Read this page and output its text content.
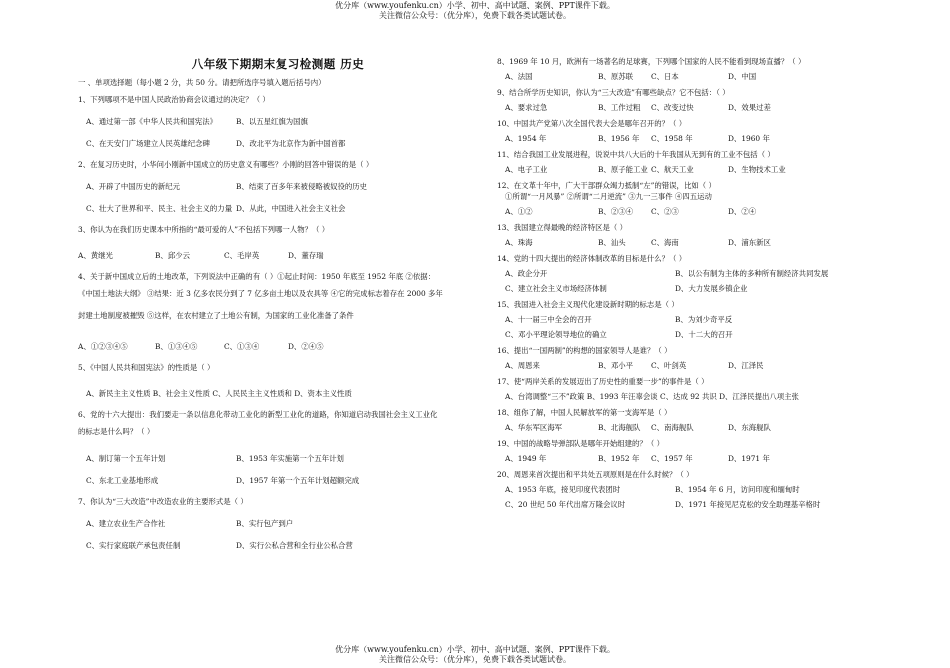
优分库（www.youfenku.cn）小学、初中、高中试题、案例、PPT课件下载。
关注微信公众号：（优分库），免费下载各类试题试卷。
八年级下期期末复习检测题 历史
一 、单项选择题（每小题 2 分，共 50 分。请把所选序号填入题后括号内）
1、下列哪项不是中国人民政治协商会议通过的决定？（ ）
A、通过第一部《中华人民共和国宪法》	B、以五星红旗为国旗
C、在天安门广场建立人民英雄纪念碑	D、改北平为北京作为新中国首都
2、在复习历史时，小华问小刚新中国成立的历史意义有哪些？小刚的回答中错误的是（ ）
A、开辟了中国历史的新纪元	B、结束了百多年来被侵略被奴役的历史
C、壮大了世界和平、民主、社会主义的力量 D、从此，中国进入社会主义社会
3、你认为在我们历史课本中所指的“最可爱的人”不包括下列哪一人物？（ ）
A、黄继光	B、邱少云	C、毛岸英	D、董存瑞
4、关于新中国成立后的土地改革，下列说法中正确的有（ ）①起止时间：1950 年底至 1952 年底 ②依据：
《中国土地法大纲》 ③结果：近 3 亿多农民分到了 7 亿多亩土地以及农具等 ④它的完成标志着存在 2000 多年
封建土地制度被摧毁 ⑤这样，在农村建立了土地公有制，为国家的工业化准备了条件
A、①②③④⑤	B、①③④⑤	C、①③④	D、②④⑤
5、《中国人民共和国宪法》的性质是（ ）
A、新民主主义性质 B、社会主义性质 C、人民民主主义性质和 D、资本主义性质
6、党的十六大提出：我们要走一条以信息化带动工业化的新型工业化的道路，你知道启动我国社会主义工业化
的标志是什么吗？（ ）
A、制订第一个五年计划	B、1953 年实施第一个五年计划
C、东北工业基地形成	D、1957 年第一个五年计划超额完成
7、你认为“三大改造”中改造农业的主要形式是（ ）
A、建立农业生产合作社	B、实行包产到户
C、实行家庭联产承包责任制	D、实行公私合营和全行业公私合营
8、1969 年 10 月，欧洲有一场著名的足球赛，下列哪个国家的人民不能看到现场直播？（ ）
A、法国	B、原苏联 C、日本	D、中国
9、结合所学历史知识，你认为“三大改造”有哪些缺点？它不包括：（ ）
A、要求过急	B、工作过粗 C、改变过快	D、效果过差
10、中国共产党第八次全国代表大会是哪年召开的？（ ）
A、1954 年	B、1956 年 C、1958 年	D、1960 年
11、结合我国工业发展进程，说说中共八大后的十年我国从无到有的工业不包括（ ）
A、电子工业	B、原子能工业 C、航天工业	D、生物技术工业
12、在文革十年中，广大干部群众竭力抵制“左”的错误，比如（ ）
①所谓“一月风暴” ②所谓“二月逆流” ③九一三事件 ④四五运动
A、①②	B、②③④ C、②③	D、②④
13、我国建立得最晚的经济特区是（ ）
A、珠海	B、汕头	C、海南	D、浦东新区
14、党的十四大提出的经济体制改革的目标是什么？（ ）
A、政企分开	B、以公有制为主体的多种所有制经济共同发展
C、建立社会主义市场经济体制	D、大力发展乡镇企业
15、我国进入社会主义现代化建设新时期的标志是（ ）
A、十一届三中全会的召开	B、为刘少奇平反
C、邓小平理论领导地位的确立	D、十二大的召开
16、提出“一国两制”的构想的国家领导人是谁？（ ）
A、周恩来	B、邓小平 C、叶剑英	D、江泽民
17、使“两岸关系的发展迈出了历史性的重要一步”的事件是（ ）
A、台湾调整“三不”政策 B、1993 年汪辜会谈 C、达成 92 共识 D、江泽民提出八项主张
18、组你了解，中国人民解放军的第一支海军是（ ）
A、华东军区海军	B、北海舰队 C、南海舰队	D、东海舰队
19、中国的战略导弹部队是哪年开始组建的？（ ）
A、1949 年	B、1952 年 C、1957 年	D、1971 年
20、周恩来首次提出和平共处五项原则是在什么时候？（ ）
A、1953 年底，接见印度代表团时	B、1954 年 6 月，访问印度和缅甸时
C、20 世纪 50 年代出席万隆会议时	D、1971 年接见尼克松的安全助理基辛格时
优分库（www.youfenku.cn）小学、初中、高中试题、案例、PPT课件下载。
关注微信公众号：（优分库），免费下载各类试题试卷。
